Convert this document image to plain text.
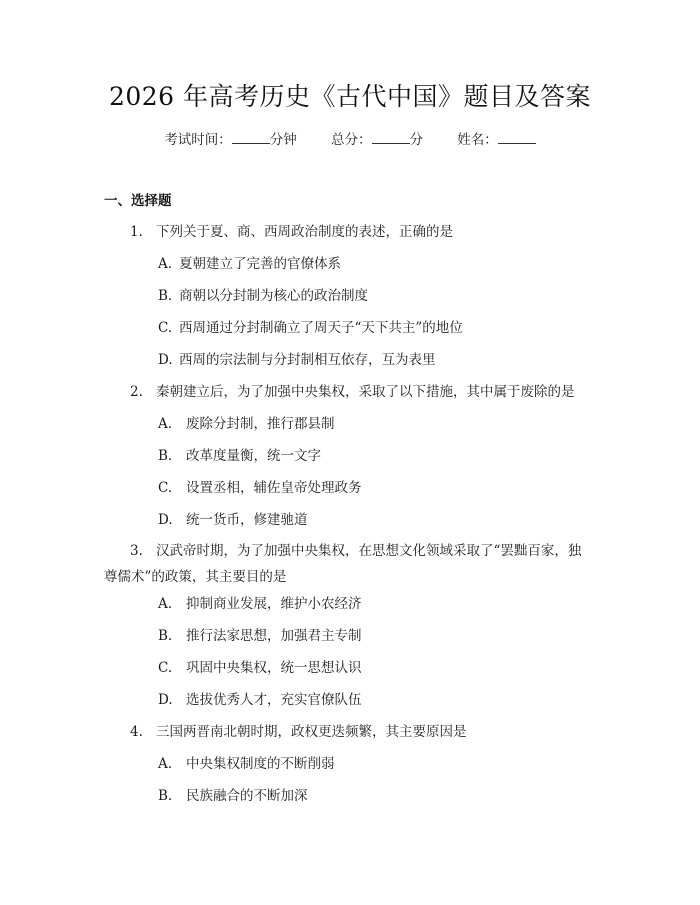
2026 年高考历史《古代中国》题目及答案
考试时间：	分钟	总分：	分	姓名：
一、选择题
1. 下列关于夏、商、西周政治制度的表述，正确的是
A. 夏朝建立了完善的官僚体系
B. 商朝以分封制为核心的政治制度
C. 西周通过分封制确立了周天子“天下共主”的地位
D. 西周的宗法制与分封制相互依存，互为表里
2. 秦朝建立后，为了加强中央集权，采取了以下措施，其中属于废除的是
A. 废除分封制，推行郡县制
B. 改革度量衡，统一文字
C. 设置丞相，辅佐皇帝处理政务
D. 统一货币，修建驰道
3. 汉武帝时期，为了加强中央集权，在思想文化领域采取了“罢黜百家，独
尊儒术”的政策，其主要目的是
A. 抑制商业发展，维护小农经济
B. 推行法家思想，加强君主专制
C. 巩固中央集权，统一思想认识
D. 选拔优秀人才，充实官僚队伍
4. 三国两晋南北朝时期，政权更迭频繁，其主要原因是
A. 中央集权制度的不断削弱
B. 民族融合的不断加深
